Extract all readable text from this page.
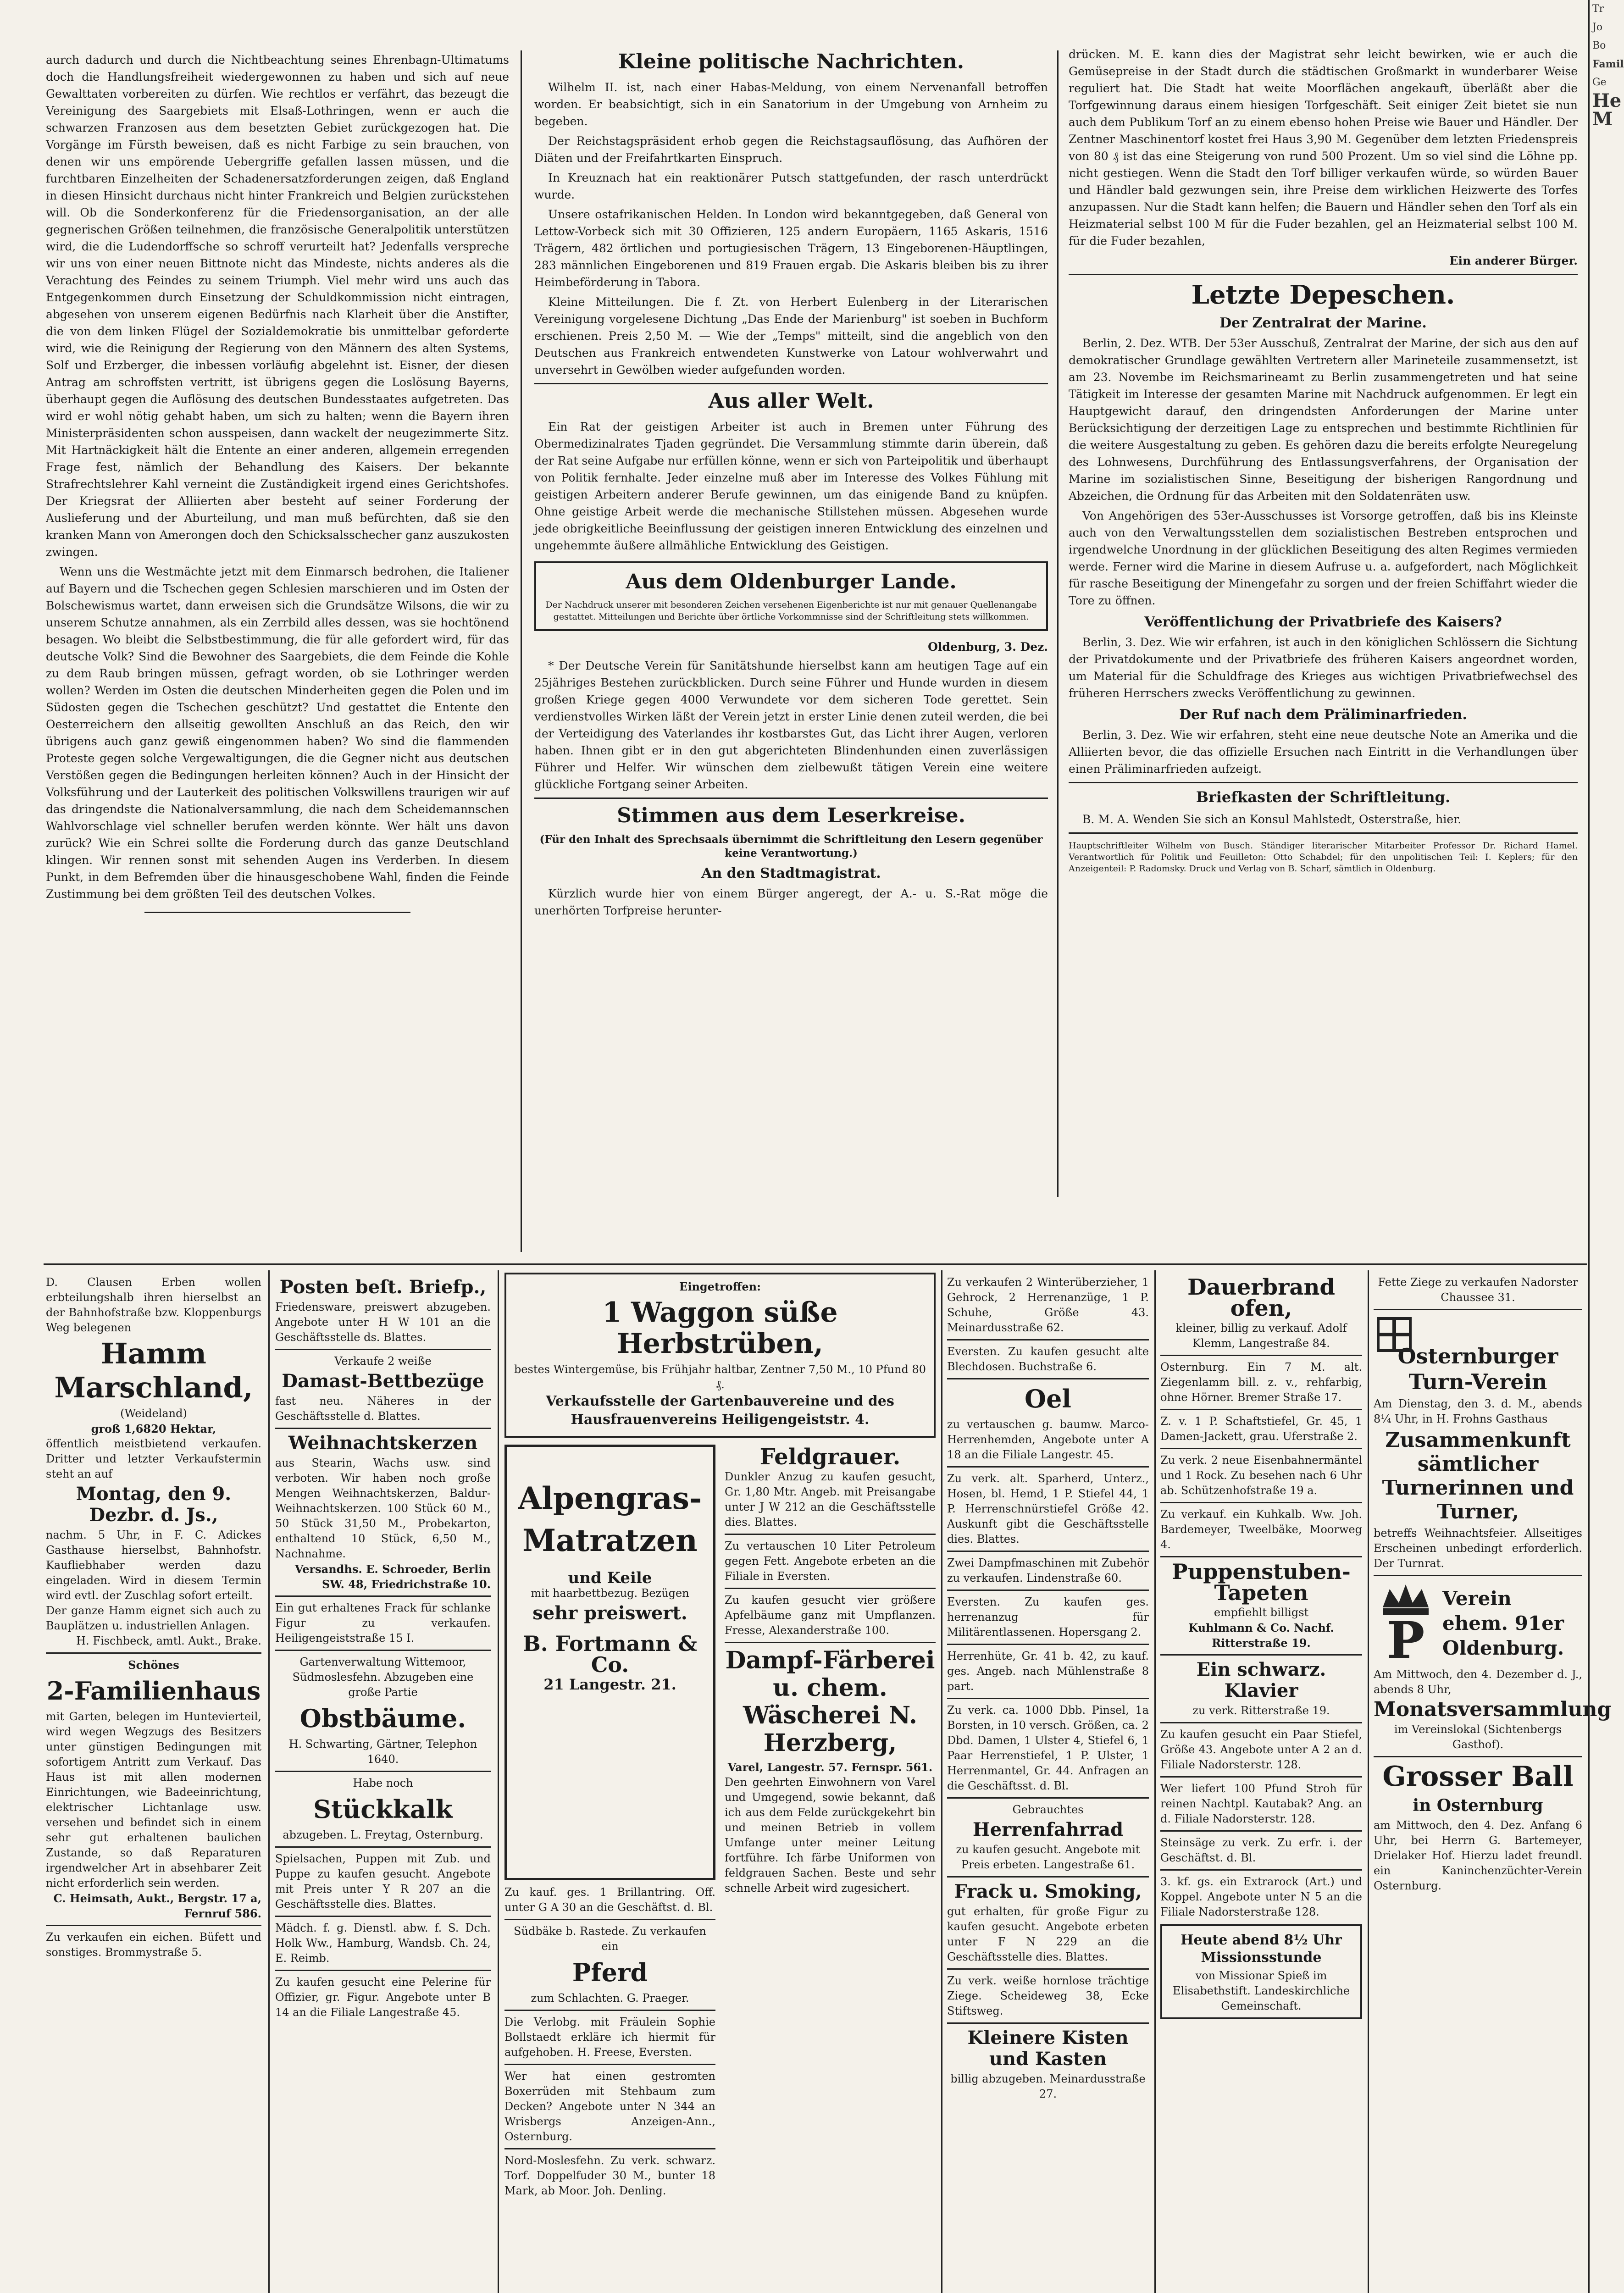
aurch dadurch und durch die Nichtbeachtung seines Ehrenbagn-Ultimatums doch die Handlungsfreiheit wiedergewonnen zu haben und sich auf neue Gewalttaten vorbereiten zu dürfen. Wie rechtlos er verfährt, das bezeugt die Vereinigung des Saargebiets mit Elsaß-Lothringen, wenn er auch die schwarzen Franzosen aus dem besetzten Gebiet zurückgezogen hat. Die Vorgänge im Fürsth beweisen, daß es nicht Farbige zu sein brauchen, von denen wir uns empörende Uebergriffe gefallen lassen müssen, und die furchtbaren Einzelheiten der Schadenersatzforderungen zeigen, daß England in diesen Hinsicht durchaus nicht hinter Frankreich und Belgien zurückstehen will. Ob die Sonderkonferenz für die Friedensorganisation, an der alle gegnerischen Größen teilnehmen, die französische Generalpolitik unterstützen wird, die die Ludendorffsche so schroff verurteilt hat? Jedenfalls verspreche wir uns von einer neuen Bittnote nicht das Mindeste, nichts anderes als die Verachtung des Feindes zu seinem Triumph. Viel mehr wird uns auch das Entgegenkommen durch Einsetzung der Schuldkommission nicht eintragen, abgesehen von unserem eigenen Bedürfnis nach Klarheit über die Anstifter, die von dem linken Flügel der Sozialdemokratie bis unmittelbar geforderte wird, wie die Reinigung der Regierung von den Männern des alten Systems, Solf und Erzberger, die inbessen vorläufig abgelehnt ist. Eisner, der diesen Antrag am schroffsten vertritt, ist übrigens gegen die Loslösung Bayerns, überhaupt gegen die Auflösung des deutschen Bundesstaates aufgetreten. Das wird er wohl nötig gehabt haben, um sich zu halten; wenn die Bayern ihren Ministerpräsidenten schon ausspeisen, dann wackelt der neugezimmerte Sitz. Mit Hartnäckigkeit hält die Entente an einer anderen, allgemein erregenden Frage fest, nämlich der Behandlung des Kaisers. Der bekannte Strafrechtslehrer Kahl verneint die Zuständigkeit irgend eines Gerichtshofes. Der Kriegsrat der Alliierten aber besteht auf seiner Forderung der Auslieferung und der Aburteilung, und man muß befürchten, daß sie den kranken Mann von Amerongen doch den Schicksalsschecher ganz auszukosten zwingen.

Wenn uns die Westmächte jetzt mit dem Einmarsch bedrohen, die Italiener auf Bayern und die Tschechen gegen Schlesien marschieren und im Osten der Bolschewismus wartet, dann erweisen sich die Grundsätze Wilsons, die wir zu unserem Schutze annahmen, als ein Zerrbild alles dessen, was sie hochtönend besagen. Wo bleibt die Selbstbestimmung, die für alle gefordert wird, für das deutsche Volk? Sind die Bewohner des Saargebiets, die dem Feinde die Kohle zu dem Raub bringen müssen, gefragt worden, ob sie Lothringer werden wollen? Werden im Osten die deutschen Minderheiten gegen die Polen und im Südosten gegen die Tschechen geschützt? Und gestattet die Entente den Oesterreichern den allseitig gewollten Anschluß an das Reich, den wir übrigens auch ganz gewiß eingenommen haben? Wo sind die flammenden Proteste gegen solche Vergewaltigungen, die die Gegner nicht aus deutschen Verstößen gegen die Bedingungen herleiten können? Auch in der Hinsicht der Volksführung und der Lauterkeit des politischen Volkswillens traurigen wir auf das dringendste die Nationalversammlung, die nach dem Scheidemannschen Wahlvorschlage viel schneller berufen werden könnte. Wer hält uns davon zurück? Wie ein Schrei sollte die Forderung durch das ganze Deutschland klingen. Wir rennen sonst mit sehenden Augen ins Verderben. In diesem Punkt, in dem Befremden über die hinausgeschobene Wahl, finden die Feinde Zustimmung bei dem größten Teil des deutschen Volkes.

Kleine politische Nachrichten.

Wilhelm II. ist, nach einer Habas-Meldung, von einem Nervenanfall betroffen worden. Er beabsichtigt, sich in ein Sanatorium in der Umgebung von Arnheim zu begeben.

Der Reichstagspräsident erhob gegen die Reichstagsauflösung, das Aufhören der Diäten und der Freifahrtkarten Einspruch.

In Kreuznach hat ein reaktionärer Putsch stattgefunden, der rasch unterdrückt wurde.

Unsere ostafrikanischen Helden. In London wird bekanntgegeben, daß General von Lettow-Vorbeck sich mit 30 Offizieren, 125 andern Europäern, 1165 Askaris, 1516 Trägern, 482 örtlichen und portugiesischen Trägern, 13 Eingeborenen-Häuptlingen, 283 männlichen Eingeborenen und 819 Frauen ergab. Die Askaris bleiben bis zu ihrer Heimbeförderung in Tabora.

Kleine Mitteilungen. Die f. Zt. von Herbert Eulenberg in der Literarischen Vereinigung vorgelesene Dichtung „Das Ende der Marienburg" ist soeben in Buchform erschienen. Preis 2,50 M. — Wie der „Temps" mitteilt, sind die angeblich von den Deutschen aus Frankreich entwendeten Kunstwerke von Latour wohlverwahrt und unversehrt in Gewölben wieder aufgefunden worden.

Aus aller Welt.

Ein Rat der geistigen Arbeiter ist auch in Bremen unter Führung des Obermedizinalrates Tjaden gegründet. Die Versammlung stimmte darin überein, daß der Rat seine Aufgabe nur erfüllen könne, wenn er sich von Parteipolitik und überhaupt von Politik fernhalte. Jeder einzelne muß aber im Interesse des Volkes Fühlung mit geistigen Arbeitern anderer Berufe gewinnen, um das einigende Band zu knüpfen. Ohne geistige Arbeit werde die mechanische Stillstehen müssen. Abgesehen wurde jede obrigkeitliche Beeinflussung der geistigen inneren Entwicklung des einzelnen und ungehemmte äußere allmähliche Entwicklung des Geistigen.

Aus dem Oldenburger Lande.
Der Nachdruck unserer mit besonderen Zeichen versehenen Eigenberichte ist nur mit genauer Quellenangabe gestattet. Mitteilungen und Berichte über örtliche Vorkommnisse sind der Schriftleitung stets willkommen.
Oldenburg, 3. Dez.

* Der Deutsche Verein für Sanitätshunde hierselbst kann am heutigen Tage auf ein 25jähriges Bestehen zurückblicken. Durch seine Führer und Hunde wurden in diesem großen Kriege gegen 4000 Verwundete vor dem sicheren Tode gerettet. Sein verdienstvolles Wirken läßt der Verein jetzt in erster Linie denen zuteil werden, die bei der Verteidigung des Vaterlandes ihr kostbarstes Gut, das Licht ihrer Augen, verloren haben. Ihnen gibt er in den gut abgerichteten Blindenhunden einen zuverlässigen Führer und Helfer. Wir wünschen dem zielbewußt tätigen Verein eine weitere glückliche Fortgang seiner Arbeiten.

Stimmen aus dem Leserkreise.
(Für den Inhalt des Sprechsaals übernimmt die Schriftleitung den Lesern gegenüber keine Verantwortung.)
An den Stadtmagistrat.

Kürzlich wurde hier von einem Bürger angeregt, der A.- u. S.-Rat möge die unerhörten Torfpreise herunter-

drücken. M. E. kann dies der Magistrat sehr leicht bewirken, wie er auch die Gemüsepreise in der Stadt durch die städtischen Großmarkt in wunderbarer Weise reguliert hat. Die Stadt hat weite Moorflächen angekauft, überläßt aber die Torfgewinnung daraus einem hiesigen Torfgeschäft. Seit einiger Zeit bietet sie nun auch dem Publikum Torf an zu einem ebenso hohen Preise wie Bauer und Händler. Der Zentner Maschinentorf kostet frei Haus 3,90 M. Gegenüber dem letzten Friedenspreis von 80 ₰ ist das eine Steigerung von rund 500 Prozent. Um so viel sind die Löhne pp. nicht gestiegen. Wenn die Stadt den Torf billiger verkaufen würde, so würden Bauer und Händler bald gezwungen sein, ihre Preise dem wirklichen Heizwerte des Torfes anzupassen. Nur die Stadt kann helfen; die Bauern und Händler sehen den Torf als ein Heizmaterial selbst 100 M für die Fuder bezahlen, gel an Heizmaterial selbst 100 M. für die Fuder bezahlen,

Ein anderer Bürger.
Letzte Depeschen.
Der Zentralrat der Marine.

Berlin, 2. Dez. WTB. Der 53er Ausschuß, Zentralrat der Marine, der sich aus den auf demokratischer Grundlage gewählten Vertretern aller Marineteile zusammensetzt, ist am 23. Novembe im Reichsmarineamt zu Berlin zusammengetreten und hat seine Tätigkeit im Interesse der gesamten Marine mit Nachdruck aufgenommen. Er legt ein Hauptgewicht darauf, den dringendsten Anforderungen der Marine unter Berücksichtigung der derzeitigen Lage zu entsprechen und bestimmte Richtlinien für die weitere Ausgestaltung zu geben. Es gehören dazu die bereits erfolgte Neuregelung des Lohnwesens, Durchführung des Entlassungsverfahrens, der Organisation der Marine im sozialistischen Sinne, Beseitigung der bisherigen Rangordnung und Abzeichen, die Ordnung für das Arbeiten mit den Soldatenräten usw.

Von Angehörigen des 53er-Ausschusses ist Vorsorge getroffen, daß bis ins Kleinste auch von den Verwaltungsstellen dem sozialistischen Bestreben entsprochen und irgendwelche Unordnung in der glücklichen Beseitigung des alten Regimes vermieden werde. Ferner wird die Marine in diesem Aufruse u. a. aufgefordert, nach Möglichkeit für rasche Beseitigung der Minengefahr zu sorgen und der freien Schiffahrt wieder die Tore zu öffnen.

Veröffentlichung der Privatbriefe des Kaisers?

Berlin, 3. Dez. Wie wir erfahren, ist auch in den königlichen Schlössern die Sichtung der Privatdokumente und der Privatbriefe des früheren Kaisers angeordnet worden, um Material für die Schuldfrage des Krieges aus wichtigen Privatbriefwechsel des früheren Herrschers zwecks Veröffentlichung zu gewinnen.

Der Ruf nach dem Präliminarfrieden.

Berlin, 3. Dez. Wie wir erfahren, steht eine neue deutsche Note an Amerika und die Alliierten bevor, die das offizielle Ersuchen nach Eintritt in die Verhandlungen über einen Präliminarfrieden aufzeigt.

Briefkasten der Schriftleitung.

B. M. A. Wenden Sie sich an Konsul Mahlstedt, Osterstraße, hier.

Hauptschriftleiter Wilhelm von Busch. Ständiger literarischer Mitarbeiter Professor Dr. Richard Hamel. Verantwortlich für Politik und Feuilleton: Otto Schabdel; für den unpolitischen Teil: I. Keplers; für den Anzeigenteil: P. Radomsky. Druck und Verlag von B. Scharf, sämtlich in Oldenburg.
Tr
Jo
Bo
Famil
Ge
He
M
D. Clausen Erben wollen erbteilungshalb ihren hierselbst an der Bahnhofstraße bzw. Kloppenburgs Weg belegenen
Hamm
Marschland,
(Weideland)
groß 1,6820 Hektar,
öffentlich meistbietend verkaufen. Dritter und letzter Verkaufstermin steht an auf
Montag, den 9. Dezbr. d. Js.,
nachm. 5 Uhr, in F. C. Adickes Gasthause hierselbst, Bahnhofstr. Kaufliebhaber werden dazu eingeladen. Wird in diesem Termin wird evtl. der Zuschlag sofort erteilt.
Der ganze Hamm eignet sich auch zu Bauplätzen u. industriellen Anlagen.
H. Fischbeck, amtl. Aukt., Brake.
Schönes
2-Familienhaus
mit Garten, belegen im Huntevierteil, wird wegen Wegzugs des Besitzers unter günstigen Bedingungen mit sofortigem Antritt zum Verkauf. Das Haus ist mit allen modernen Einrichtungen, wie Badeeinrichtung, elektrischer Lichtanlage usw. versehen und befindet sich in einem sehr gut erhaltenen baulichen Zustande, so daß Reparaturen irgendwelcher Art in absehbarer Zeit nicht erforderlich sein werden.
C. Heimsath, Aukt., Bergstr. 17 a, Fernruf 586.
Zu verkaufen ein eichen. Büfett und sonstiges. Brommystraße 5.
Posten beſt. Briefp.,
Friedensware, preiswert abzugeben. Angebote unter H W 101 an die Geschäftsstelle ds. Blattes.
Verkaufe 2 weiße
Damast-Bettbezüge
fast neu. Näheres in der Geschäftsstelle d. Blattes.
Weihnachtskerzen
aus Stearin, Wachs usw. sind verboten. Wir haben noch große Mengen Weihnachtskerzen, Baldur-Weihnachtskerzen. 100 Stück 60 M., 50 Stück 31,50 M., Probekarton, enthaltend 10 Stück, 6,50 M., Nachnahme.
Versandhs. E. Schroeder, Berlin SW. 48, Friedrichstraße 10.
Ein gut erhaltenes Frack für schlanke Figur zu verkaufen. Heiligengeiststraße 15 I.
Gartenverwaltung Wittemoor, Südmoslesfehn. Abzugeben eine große Partie
Obstbäume.
H. Schwarting, Gärtner, Telephon 1640.
Habe noch
Stückkalk
abzugeben. L. Freytag, Osternburg.
Spielsachen, Puppen mit Zub. und Puppe zu kaufen gesucht. Angebote mit Preis unter Y R 207 an die Geschäftsstelle dies. Blattes.
Mädch. f. g. Dienstl. abw. f. S. Dch. Holk Ww., Hamburg, Wandsb. Ch. 24, E. Reimb.
Zu kaufen gesucht eine Pelerine für Offizier, gr. Figur. Angebote unter B 14 an die Filiale Langestraße 45.
Eingetroffen:
1 Waggon süße Herbstrüben,
bestes Wintergemüse, bis Frühjahr haltbar, Zentner 7,50 M., 10 Pfund 80 ₰.
Verkaufsstelle der Gartenbauvereine und des Hausfrauenvereins Heiligengeiststr. 4.
Alpengras-Matratzen
und Keile
mit haarbettbezug. Bezügen
sehr preiswert.
B. Fortmann & Co.
21 Langestr. 21.
Feldgrauer.
Dunkler Anzug zu kaufen gesucht, Gr. 1,80 Mtr. Angeb. mit Preisangabe unter J W 212 an die Geschäftsstelle dies. Blattes.
Zu vertauschen 10 Liter Petroleum gegen Fett. Angebote erbeten an die Filiale in Eversten.
Zu kaufen gesucht vier größere Apfelbäume ganz mit Umpflanzen. Fresse, Alexanderstraße 100.
Dampf-Färberei u. chem. Wäscherei N. Herzberg,
Varel, Langestr. 57. Fernspr. 561.
Den geehrten Einwohnern von Varel und Umgegend, sowie bekannt, daß ich aus dem Felde zurückgekehrt bin und meinen Betrieb in vollem Umfange unter meiner Leitung fortführe. Ich färbe Uniformen von feldgrauen Sachen. Beste und sehr schnelle Arbeit wird zugesichert.
Zu kauf. ges. 1 Brillantring. Off. unter G A 30 an die Geschäftst. d. Bl.
Südbäke b. Rastede. Zu verkaufen ein
Pferd
zum Schlachten. G. Praeger.
Die Verlobg. mit Fräulein Sophie Bollstaedt erkläre ich hiermit für aufgehoben. H. Freese, Eversten.
Wer hat einen gestromten Boxerrüden mit Stehbaum zum Decken? Angebote unter N 344 an Wrisbergs Anzeigen-Ann., Osternburg.
Nord-Moslesfehn. Zu verk. schwarz. Torf. Doppelfuder 30 M., bunter 18 Mark, ab Moor. Joh. Denling.
Zu verkaufen 2 Winterüberzieher, 1 Gehrock, 2 Herrenanzüge, 1 P. Schuhe, Größe 43. Meinardusstraße 62.
Eversten. Zu kaufen gesucht alte Blechdosen. Buchstraße 6.
Oel
zu vertauschen g. baumw. Marco-Herrenhemden, Angebote unter A 18 an die Filiale Langestr. 45.
Zu verk. alt. Sparherd, Unterz., Hosen, bl. Hemd, 1 P. Stiefel 44, 1 P. Herrenschnürstiefel Größe 42. Auskunft gibt die Geschäftsstelle dies. Blattes.
Zwei Dampfmaschinen mit Zubehör zu verkaufen. Lindenstraße 60.
Eversten. Zu kaufen ges. herrenanzug für Militärentlassenen. Hopersgang 2.
Herrenhüte, Gr. 41 b. 42, zu kauf. ges. Angeb. nach Mühlenstraße 8 part.
Zu verk. ca. 1000 Dbb. Pinsel, 1a Borsten, in 10 versch. Größen, ca. 2 Dbd. Damen, 1 Ulster 4, Stiefel 6, 1 Paar Herrenstiefel, 1 P. Ulster, 1 Herrenmantel, Gr. 44. Anfragen an die Geschäftsst. d. Bl.
Gebrauchtes
Herrenfahrrad
zu kaufen gesucht. Angebote mit Preis erbeten. Langestraße 61.
Frack u. Smoking,
gut erhalten, für große Figur zu kaufen gesucht. Angebote erbeten unter F N 229 an die Geschäftsstelle dies. Blattes.
Zu verk. weiße hornlose trächtige Ziege. Scheideweg 38, Ecke Stiftsweg.
Kleinere Kisten und Kasten
billig abzugeben. Meinardusstraße 27.
Dauerbrand ofen,
kleiner, billig zu verkauf. Adolf Klemm, Langestraße 84.
Osternburg. Ein 7 M. alt. Ziegenlamm bill. z. v., rehfarbig, ohne Hörner. Bremer Straße 17.
Z. v. 1 P. Schaftstiefel, Gr. 45, 1 Damen-Jackett, grau. Uferstraße 2.
Zu verk. 2 neue Eisenbahnermäntel und 1 Rock. Zu besehen nach 6 Uhr ab. Schützenhofstraße 19 a.
Zu verkauf. ein Kuhkalb. Ww. Joh. Bardemeyer, Tweelbäke, Moorweg 4.
Puppenstuben-Tapeten
empfiehlt billigst
Kuhlmann & Co. Nachf. Ritterstraße 19.
Ein schwarz. Klavier
zu verk. Ritterstraße 19.
Zu kaufen gesucht ein Paar Stiefel, Größe 43. Angebote unter A 2 an d. Filiale Nadorsterstr. 128.
Wer liefert 100 Pfund Stroh für reinen Nachtpl. Kautabak? Ang. an d. Filiale Nadorsterstr. 128.
Steinsäge zu verk. Zu erfr. i. der Geschäftst. d. Bl.
3. kf. gs. ein Extrarock (Art.) und Koppel. Angebote unter N 5 an die Filiale Nadorsterstraße 128.
Heute abend 8½ Uhr Missionsstunde
von Missionar Spieß im Elisabethstift. Landeskirchliche Gemeinschaft.
Fette Ziege zu verkaufen Nadorster Chaussee 31.
Osternburger Turn-Verein
Am Dienstag, den 3. d. M., abends 8¼ Uhr, in H. Frohns Gasthaus
Zusammenkunft sämtlicher Turnerinnen und Turner,
betreffs Weihnachtsfeier. Allseitiges Erscheinen unbedingt erforderlich. Der Turnrat.
P
Verein ehem. 91er Oldenburg.
Am Mittwoch, den 4. Dezember d. J., abends 8 Uhr,
Monatsversammlung
im Vereinslokal (Sichtenbergs Gasthof).
Grosser Ball
in Osternburg
am Mittwoch, den 4. Dez. Anfang 6 Uhr, bei Herrn G. Bartemeyer, Drielaker Hof. Hierzu ladet freundl. ein Kaninchenzüchter-Verein Osternburg.
